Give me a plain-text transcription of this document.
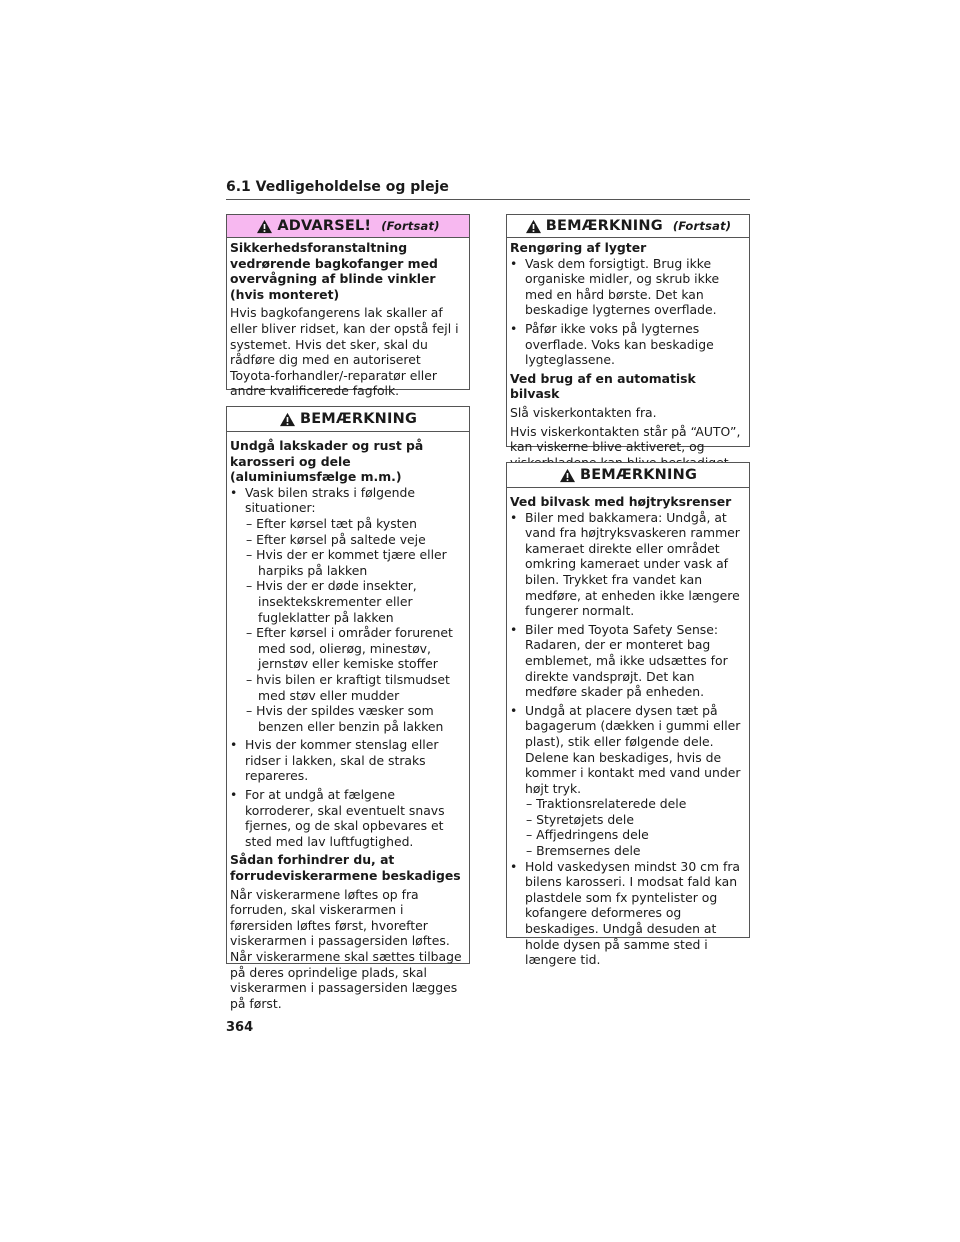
6.1 Vedligeholdelse og pleje
ADVARSEL! (Fortsat)

Sikkerhedsforanstaltning vedrørende bagkofanger med overvågning af blinde vinkler (hvis monteret)

Hvis bagkofangerens lak skaller af eller bliver ridset, kan der opstå fejl i systemet. Hvis det sker, skal du rådføre dig med en autoriseret Toyota-forhandler/-reparatør eller andre kvalificerede fagfolk.

BEMÆRKNING

Undgå lakskader og rust på karosseri og dele (aluminiumsfælge m.m.)

• Vask bilen straks i følgende situationer:

– Efter kørsel tæt på kysten

– Efter kørsel på saltede veje

– Hvis der er kommet tjære eller harpiks på lakken

– Hvis der er døde insekter, insektekskrementer eller fugleklatter på lakken

– Efter kørsel i områder forurenet med sod, olierøg, minestøv, jernstøv eller kemiske stoffer

– hvis bilen er kraftigt tilsmudset med støv eller mudder

– Hvis der spildes væsker som benzen eller benzin på lakken

• Hvis der kommer stenslag eller ridser i lakken, skal de straks repareres.

• For at undgå at fælgene korroderer, skal eventuelt snavs fjernes, og de skal opbevares et sted med lav luftfugtighed.

Sådan forhindrer du, at forrudeviskerarmene beskadiges

Når viskerarmene løftes op fra forruden, skal viskerarmen i førersiden løftes først, hvorefter viskerarmen i passagersiden løftes. Når viskerarmene skal sættes tilbage på deres oprindelige plads, skal viskerarmen i passagersiden lægges på først.

BEMÆRKNING (Fortsat)

Rengøring af lygter

• Vask dem forsigtigt. Brug ikke organiske midler, og skrub ikke med en hård børste. Det kan beskadige lygternes overflade.

• Påfør ikke voks på lygternes overflade. Voks kan beskadige lygteglassene.

Ved brug af en automatisk bilvask

Slå viskerkontakten fra.

Hvis viskerkontakten står på “AUTO”, kan viskerne blive aktiveret, og

BEMÆRKNING

Ved bilvask med højtryksrenser

• Biler med bakkamera: Undgå, at vand fra højtryksvaskeren rammer kameraet direkte eller området omkring kameraet under vask af bilen. Trykket fra vandet kan medføre, at enheden ikke længere fungerer normalt.

• Biler med Toyota Safety Sense: Radaren, der er monteret bag emblemet, må ikke udsættes for direkte vandsprøjt. Det kan medføre skader på enheden.

• Undgå at placere dysen tæt på bagagerum (dækken i gummi eller plast), stik eller følgende dele. Delene kan beskadiges, hvis de kommer i kontakt med vand under højt tryk.

– Traktionsrelaterede dele

– Styretøjets dele

– Affjedringens dele

– Bremsernes dele

• Hold vaskedysen mindst 30 cm fra bilens karosseri. I modsat fald kan plastdele som fx pyntelister og kofangere deformeres og beskadiges. Undgå desuden at holde dysen på samme sted i længere tid.

364
